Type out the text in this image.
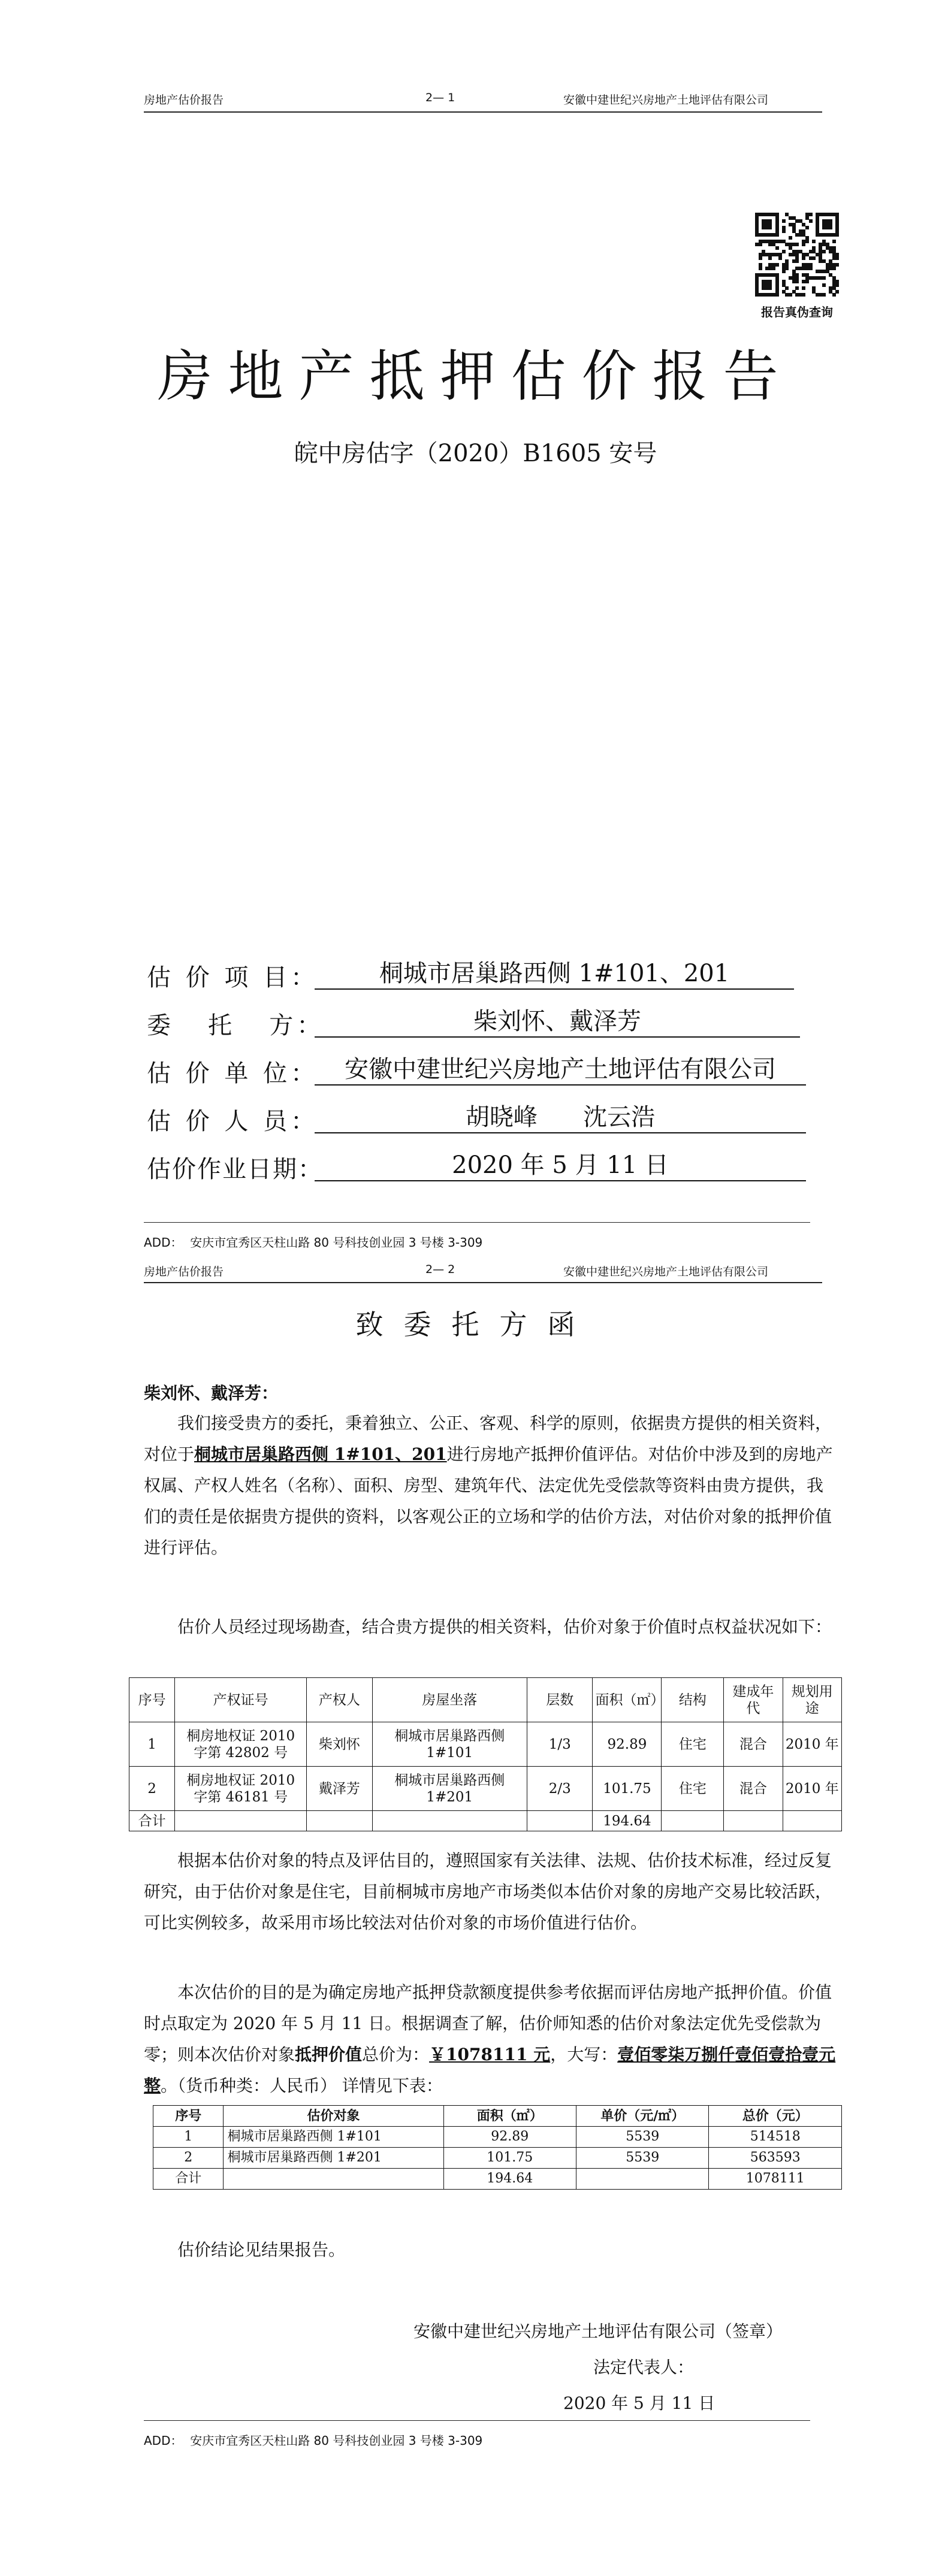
房地产估价报告	2— 1	安徽中建世纪兴房地产土地评估有限公司
报告真伪查询
房地产抵押估价报告
皖中房估字（2020）B1605 安号
估 价 项 目：	桐城市居巢路西侧 1#101、201
委   托   方：	柴刘怀、戴泽芳
估 价 单 位：	安徽中建世纪兴房地产土地评估有限公司
估 价 人 员：	胡晓峰      沈云浩
估价作业日期：	2020 年 5 月 11 日
ADD：  安庆市宜秀区天柱山路 80 号科技创业园 3 号楼 3-309
房地产估价报告	2— 2	安徽中建世纪兴房地产土地评估有限公司
致委托方函
柴刘怀、戴泽芳：
我们接受贵方的委托，秉着独立、公正、客观、科学的原则，依据贵方提供的相关资料，对位于桐城市居巢路西侧 1#101、201进行房地产抵押价值评估。对估价中涉及到的房地产权属、产权人姓名（名称）、面积、房型、建筑年代、法定优先受偿款等资料由贵方提供，我们的责任是依据贵方提供的资料，以客观公正的立场和学的估价方法，对估价对象的抵押价值进行评估。
估价人员经过现场勘查，结合贵方提供的相关资料，估价对象于价值时点权益状况如下：
序号	产权证号	产权人	房屋坐落	层数	面积（㎡）	结构	建成年代	规划用途
1	桐房地权证 2010 字第 42802 号	柴刘怀	桐城市居巢路西侧 1#101	1/3	92.89	住宅	混合	2010 年
2	桐房地权证 2010 字第 46181 号	戴泽芳	桐城市居巢路西侧 1#201	2/3	101.75	住宅	混合	2010 年
合计					194.64			
根据本估价对象的特点及评估目的，遵照国家有关法律、法规、估价技术标准，经过反复研究，由于估价对象是住宅，目前桐城市房地产市场类似本估价对象的房地产交易比较活跃，可比实例较多，故采用市场比较法对估价对象的市场价值进行估价。
本次估价的目的是为确定房地产抵押贷款额度提供参考依据而评估房地产抵押价值。价值时点取定为 2020 年 5 月 11 日。根据调查了解，估价师知悉的估价对象法定优先受偿款为零；则本次估价对象抵押价值总价为：￥1078111 元，大写：壹佰零柒万捌仟壹佰壹拾壹元整。（货币种类：人民币） 详情见下表：
序号	估价对象	面积（㎡）	单价（元/㎡）	总价（元）
1	桐城市居巢路西侧 1#101	92.89	5539	514518
2	桐城市居巢路西侧 1#201	101.75	5539	563593
合计		194.64		1078111
估价结论见结果报告。
安徽中建世纪兴房地产土地评估有限公司（签章）
法定代表人：
2020 年 5 月 11 日
ADD：  安庆市宜秀区天柱山路 80 号科技创业园 3 号楼 3-309
